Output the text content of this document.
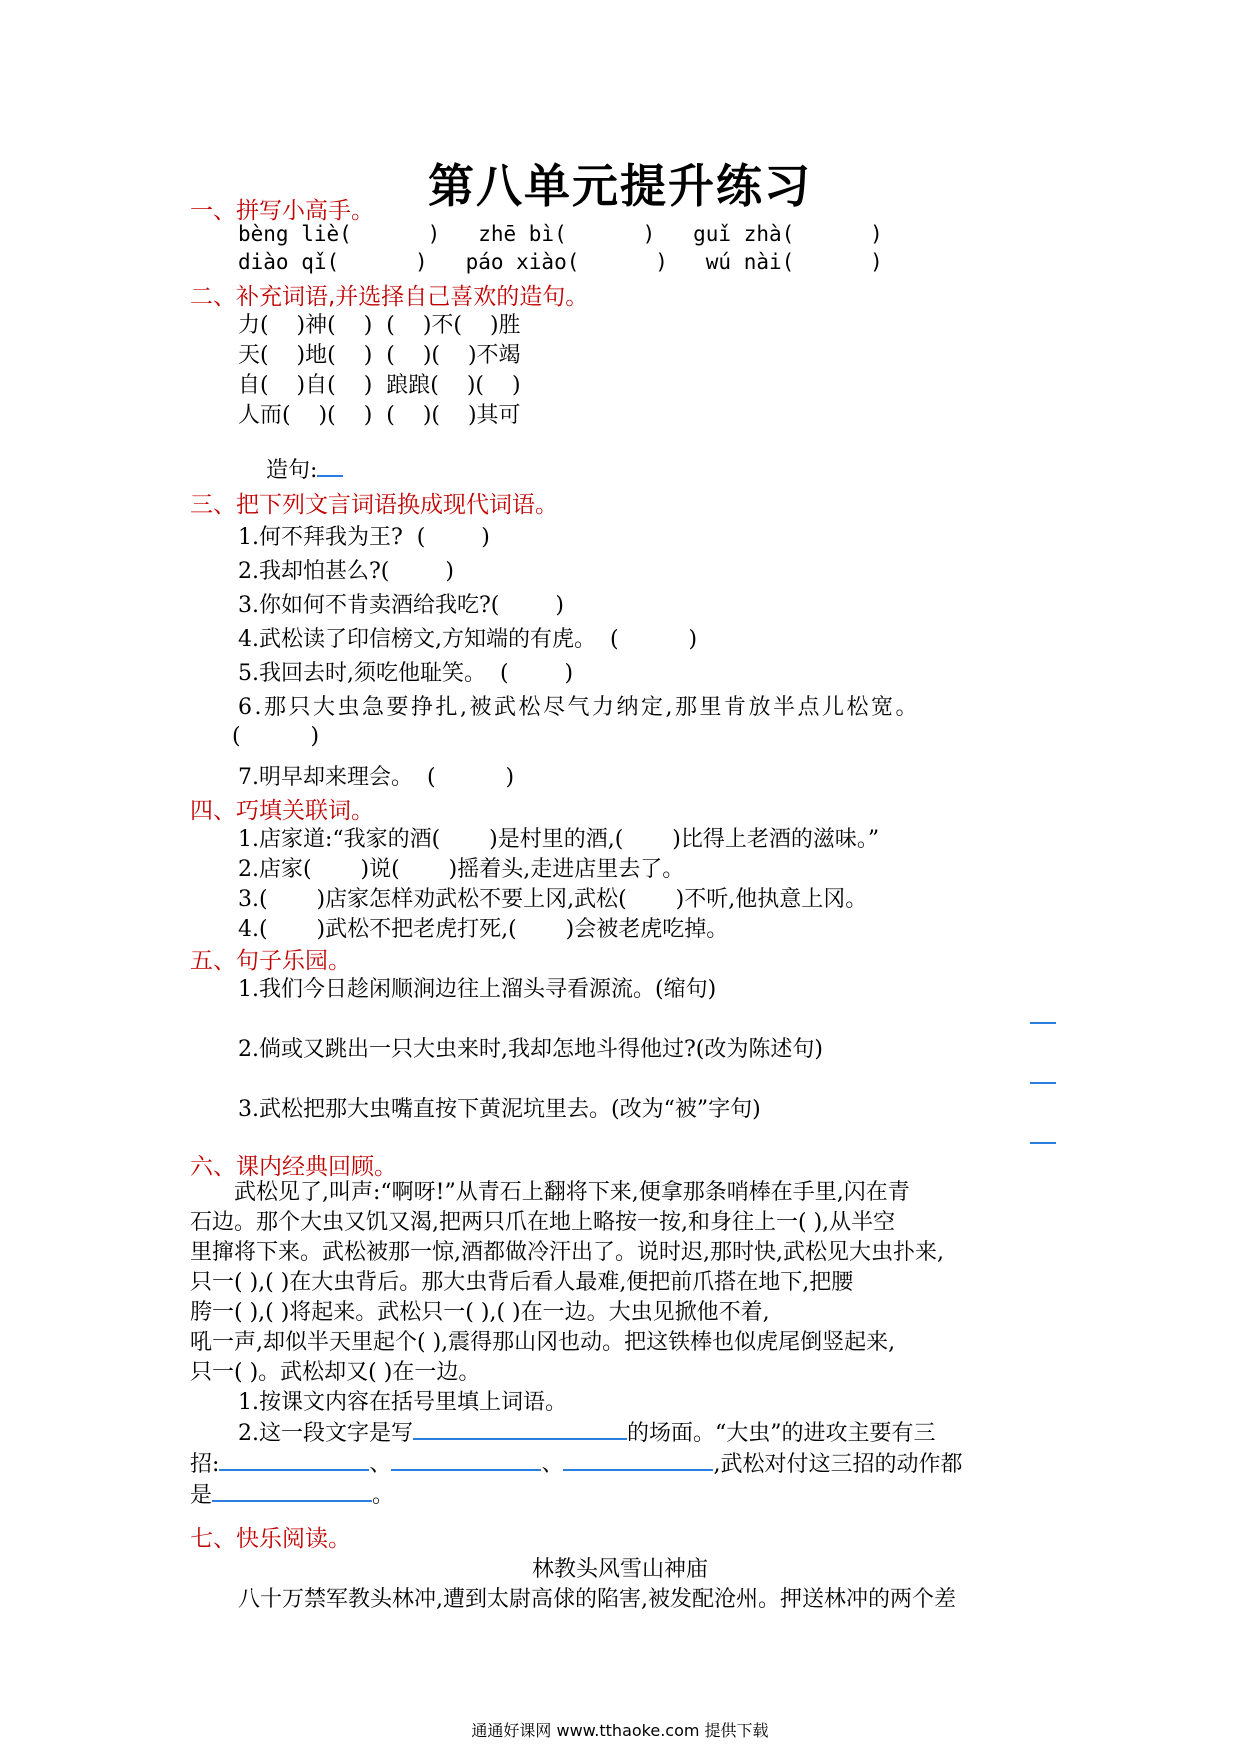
第八单元提升练习
一、拼写小高手。
bèng liè(      )   zhē bì(      )   guǐ zhà(      )
diào qǐ(      )   páo xiào(      )   wú nài(      )
二、补充词语,并选择自己喜欢的造句。
力(    )神(    )  (    )不(    )胜
天(    )地(    )  (    )(    )不竭
自(    )自(    )  踉踉(    )(    )
人而(    )(    )  (    )(    )其可

造句:

三、把下列文言词语换成现代词语。
1.何不拜我为王?  (        )
2.我却怕甚么?(        )
3.你如何不肯卖酒给我吃?(        )
4.武松读了印信榜文,方知端的有虎。  (          )
5.我回去时,须吃他耻笑。  (        )
6.那只大虫急要挣扎,被武松尽气力纳定,那里肯放半点儿松宽。
(          )
7.明早却来理会。  (          )
四、巧填关联词。
1.店家道:“我家的酒(       )是村里的酒,(       )比得上老酒的滋味。”
2.店家(       )说(       )摇着头,走进店里去了。
3.(       )店家怎样劝武松不要上冈,武松(       )不听,他执意上冈。
4.(       )武松不把老虎打死,(       )会被老虎吃掉。
五、句子乐园。
1.我们今日趁闲顺涧边往上溜头寻看源流。(缩句)
2.倘或又跳出一只大虫来时,我却怎地斗得他过?(改为陈述句)
3.武松把那大虫嘴直按下黄泥坑里去。(改为“被”字句)
六、课内经典回顾。
　　武松见了,叫声:“啊呀!”从青石上翻将下来,便拿那条哨棒在手里,闪在青
石边。那个大虫又饥又渴,把两只爪在地上略按一按,和身往上一( ),从半空
里撺将下来。武松被那一惊,酒都做冷汗出了。说时迟,那时快,武松见大虫扑来,
只一( ),( )在大虫背后。那大虫背后看人最难,便把前爪搭在地下,把腰
胯一( ),( )将起来。武松只一( ),( )在一边。大虫见掀他不着,
吼一声,却似半天里起个( ),震得那山冈也动。把这铁棒也似虎尾倒竖起来,
只一( )。武松却又( )在一边。
1.按课文内容在括号里填上词语。
2.这一段文字是写	的场面。“大虫”的进攻主要有三
招:	、	、	,武松对付这三招的动作都
是	。
七、快乐阅读。
林教头风雪山神庙
八十万禁军教头林冲,遭到太尉高俅的陷害,被发配沧州。押送林冲的两个差
通通好课网 www.tthaoke.com 提供下载
